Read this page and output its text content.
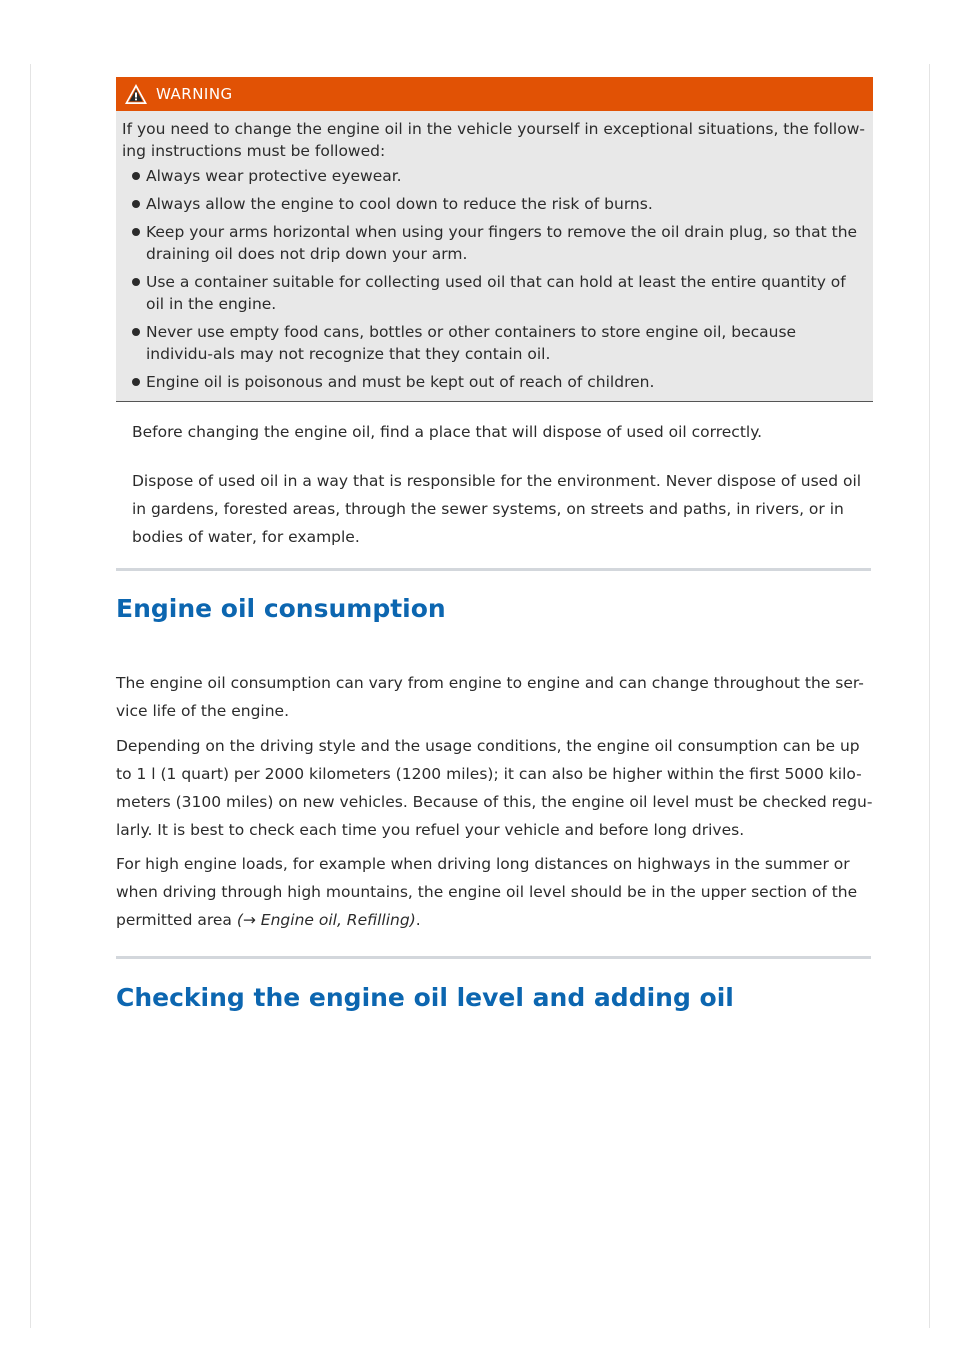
WARNING

If you need to change the engine oil in the vehicle yourself in exceptional situations, the follow-ing instructions must be followed:

Always wear protective eyewear.
Always allow the engine to cool down to reduce the risk of burns.
Keep your arms horizontal when using your fingers to remove the oil drain plug, so that the draining oil does not drip down your arm.
Use a container suitable for collecting used oil that can hold at least the entire quantity of oil in the engine.
Never use empty food cans, bottles or other containers to store engine oil, because individu-als may not recognize that they contain oil.
Engine oil is poisonous and must be kept out of reach of children.

Before changing the engine oil, find a place that will dispose of used oil correctly.

Dispose of used oil in a way that is responsible for the environment. Never dispose of used oil in gardens, forested areas, through the sewer systems, on streets and paths, in rivers, or in bodies of water, for example.

Engine oil consumption

The engine oil consumption can vary from engine to engine and can change throughout the ser-vice life of the engine.

Depending on the driving style and the usage conditions, the engine oil consumption can be up to 1 l (1 quart) per 2000 kilometers (1200 miles); it can also be higher within the first 5000 kilo-meters (3100 miles) on new vehicles. Because of this, the engine oil level must be checked regu-larly. It is best to check each time you refuel your vehicle and before long drives.

For high engine loads, for example when driving long distances on highways in the summer or when driving through high mountains, the engine oil level should be in the upper section of the permitted area (→ Engine oil, Refilling).

Checking the engine oil level and adding oil
